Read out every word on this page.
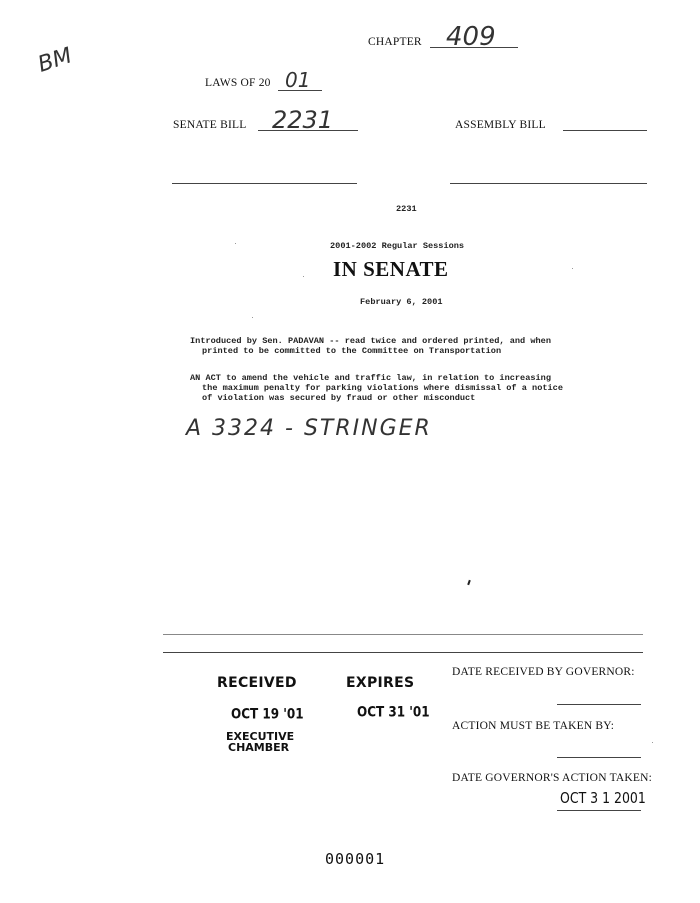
BM
CHAPTER 409
LAWS OF 20 01
SENATE BILL 2231	ASSEMBLY BILL
2231
2001-2002 Regular Sessions
IN SENATE
February 6, 2001
Introduced by Sen. PADAVAN -- read twice and ordered printed, and when
printed to be committed to the Committee on Transportation
AN ACT to amend the vehicle and traffic law, in relation to increasing
the maximum penalty for parking violations where dismissal of a notice
of violation was secured by fraud or other misconduct
A 3324 - STRINGER
RECEIVED
OCT 19 '01
EXECUTIVE
CHAMBER
EXPIRES
OCT 31 '01
DATE RECEIVED BY GOVERNOR:
ACTION MUST BE TAKEN BY:
DATE GOVERNOR'S ACTION TAKEN:
OCT 3 1 2001
000001
